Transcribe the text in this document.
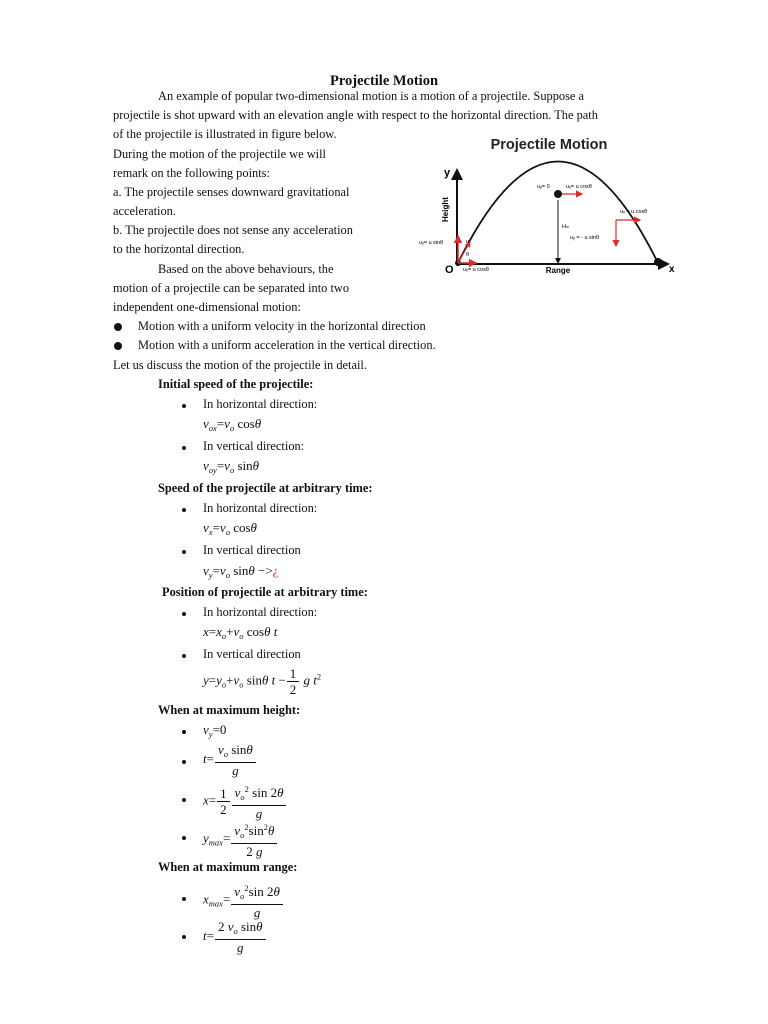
Projectile Motion
An example of popular two-dimensional motion is a motion of a projectile. Suppose a
projectile is shot upward with an elevation angle with respect to the horizontal direction. The path
of the projectile is illustrated in figure below.
During the motion of the projectile we will
remark on the following points:
a. The projectile senses downward gravitational
acceleration.
b. The projectile does not sense any acceleration
to the horizontal direction.
Based on the above behaviours, the
motion of a projectile can be separated into two
independent one-dimensional motion:
Motion with a uniform velocity in the horizontal direction
Motion with a uniform acceleration in the vertical direction.
Let us discuss the motion of the projectile in detail.
Initial speed of the projectile:
In horizontal direction:
$v_{ox}=v_o$ cosθ
In vertical direction:
$v_{oy}=v_o$ sinθ
Speed of the projectile at arbitrary time:
In horizontal direction:
$v_x=v_o$ cosθ
In vertical direction
$v_y=v_o$ sinθ −>¿
Position of projectile at arbitrary time:
In horizontal direction:
$x=x_o+v_o$ cosθ t
In vertical direction
$y=y_o+v_o$ sinθ $t - \frac{1}{2}$ g $t^2$
When at maximum height:
$v_y=0$
$t= \frac{v_o \sin\theta}{g}$
$x= \frac{1}{2} \frac{v_o^2 \sin 2\theta}{g}$
$y_{max}= \frac{v_o^2\sin^2\theta}{2 g}$
When at maximum range:
$x_{max}= \frac{v_o^2\sin 2\theta}{g}$
$t= \frac{2 v_o \sin\theta}{g}$
Projectile Motion
y
x
O
Height
Range
Hₘ
uᵧ= 0	uₓ= u cosθ
uₓ = u cosθ
uᵧ = - u sinθ
uᵧ= u sinθ	u
θ
uₓ= u cosθ
